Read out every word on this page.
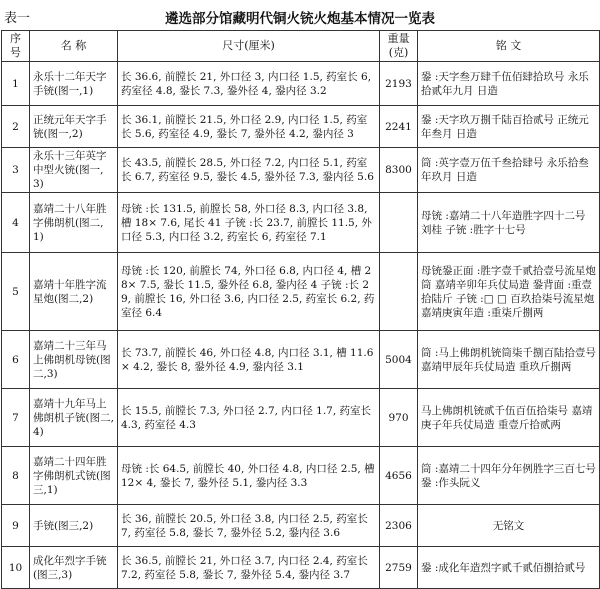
表一	遴选部分馆藏明代铜火铳火炮基本情况一览表
序号	名 称	尺寸(厘米)	重量(克)	铭 文
1	永乐十二年天字手铳(图一,1)	长 36.6, 前膛长 21, 外口径 3, 内口径 1.5, 药室长 6, 药室径 4.8, 銎长 7.3, 銎外径 4, 銎内径 3.2	2193	銎 :天字叁万肆千伍佰肆拾玖号 永乐拾贰年九月 日造
2	正统元年天字手铳(图一,2)	长 36.1, 前膛长 21.5, 外口径 2.9, 内口径 1.5, 药室长 5.6, 药室径 4.9, 銎长 7, 銎外径 4.2, 銎内径 3	2241	銎 :天字玖万捌千陆百拾贰号 正统元年叁月 日造
3	永乐十三年英字中型火铳(图一,3)	长 43.5, 前膛长 28.5, 外口径 7.2, 内口径 5.1, 药室长 6.7, 药室径 9.5, 銎长 4.5, 銎外径 7.3, 銎内径 5.6	8300	筒 :英字壹万伍千叁拾肆号 永乐拾叁年玖月 日造
4	嘉靖二十八年胜字佛朗机(图二,1)	母铳 :长 131.5, 前膛长 58, 外口径 8.3, 内口径 3.8, 槽 18× 7.6, 尾长 41 子铳 :长 23.7, 前膛长 11.5, 外口径 5.3, 内口径 3.2, 药室长 6, 药室径 7.1		母铳 :嘉靖二十八年造胜字四十二号 刘桂 子铳 :胜字十七号
5	嘉靖十年胜字流星炮(图二,2)	母铳 :长 120, 前膛长 74, 外口径 6.8, 内口径 4, 槽 28× 7.5, 銎长 11.5, 銎外径 6.8, 銎内径 4 子铳 :长 29, 前膛长 16, 外口径 3.6, 内口径 2.5, 药室长 6.2, 药室径 6.4		母铳銎正面 :胜字壹千贰拾壹号流星炮筒 嘉靖辛卯年兵仗局造 銎背面 :重壹拾陆斤 子铳 :□ □ 百玖拾柒号流星炮 嘉靖庚寅年造 :重柒斤捌两
6	嘉靖二十三年马上佛朗机母铳(图二,3)	长 73.7, 前膛长 46, 外口径 4.8, 内口径 3.1, 槽 11.6× 4.2, 銎长 8, 銎外径 4.9, 銎内径 3.1	5004	筒 :马上佛朗机铳筒柒千捌百陆拾壹号 嘉靖甲辰年兵仗局造 重玖斤捌两
7	嘉靖十九年马上佛朗机子铳(图二,4)	长 15.5, 前膛长 7.3, 外口径 2.7, 内口径 1.7, 药室长 4.3, 药室径 4.3	970	马上佛朗机铳贰千伍百伍拾柒号 嘉靖庚子年兵仗局造 重壹斤拾贰两
8	嘉靖二十四年胜字佛朗机式铳(图三,1)	母铳 :长 64.5, 前膛长 40, 外口径 4.8, 内口径 2.5, 槽 12× 4, 銎长 7, 銎外径 5.1, 銎内径 3.3	4656	筒 :嘉靖二十四年分年例胜字三百七号 銎 :作头阮义
9	手铳(图三,2)	长 36, 前膛长 20.5, 外口径 3.8, 内口径 2.5, 药室长 7, 药室径 5.8, 銎长 7, 銎外径 5.2, 銎内径 3.6	2306	无铭文
10	成化年烈字手铳(图三,3)	长 36.5, 前膛长 21, 外口径 3.7, 内口径 2.4, 药室长 7.2, 药室径 5.8, 銎长 7, 銎外径 5.4, 銎内径 3.7	2759	銎 :成化年造烈字贰千贰佰捌拾贰号
